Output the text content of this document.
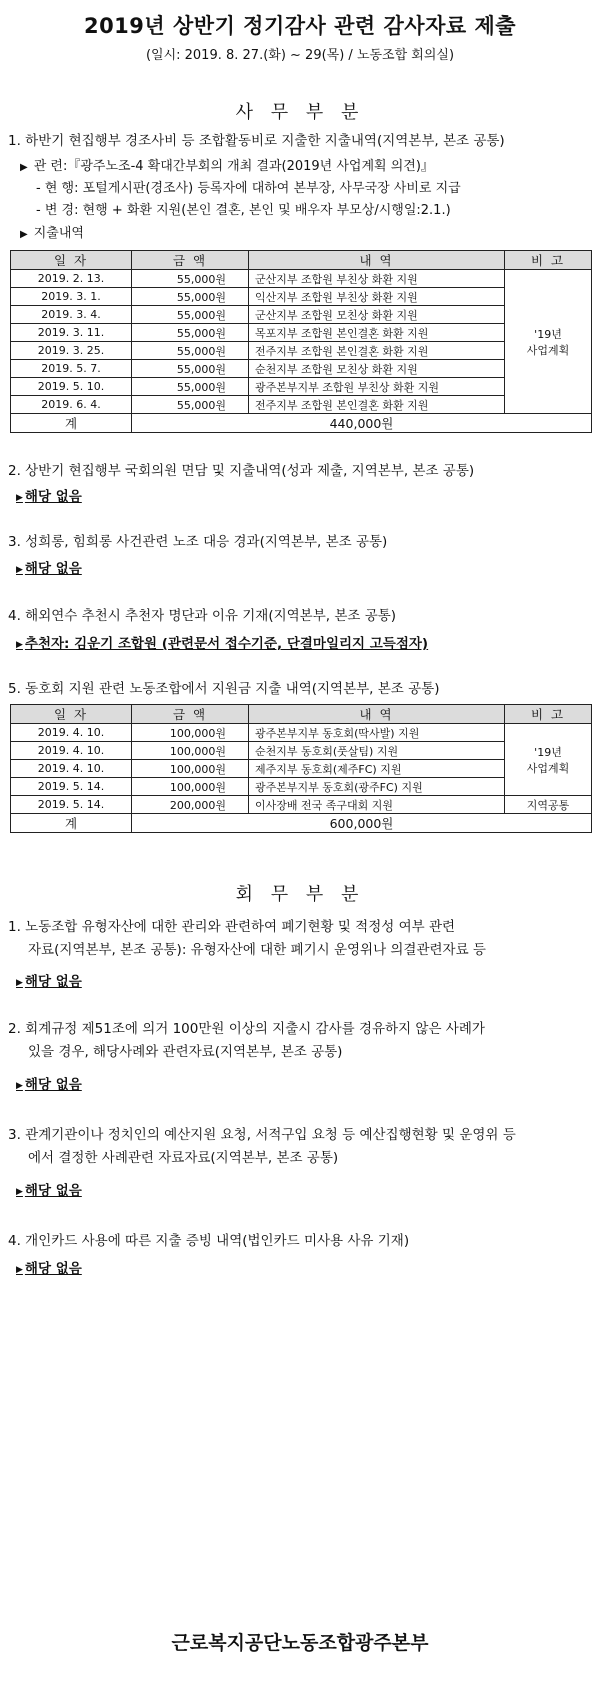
2019년 상반기 정기감사 관련 감사자료 제출
(일시: 2019. 8. 27.(화) ~ 29(목) / 노동조합 회의실)
사 무 부 분
1. 하반기 현집행부 경조사비 등 조합활동비로 지출한 지출내역(지역본부, 본조 공통)
▶ 관 련:『광주노조-4 확대간부회의 개최 결과(2019년 사업계획 의견)』
- 현 행: 포털게시판(경조사) 등록자에 대하여 본부장, 사무국장 사비로 지급
- 변 경: 현행 + 화환 지원(본인 결혼, 본인 및 배우자 부모상/시행일:2.1.)
▶ 지출내역
일 자	금 액	내 역	비 고
2019. 2. 13.	55,000원	군산지부 조합원 부친상 화환 지원	'19년
사업계획

2019. 3. 1.	55,000원	익산지부 조합원 부친상 화환 지원	
2019. 3. 4.	55,000원	군산지부 조합원 모친상 화환 지원	
2019. 3. 11.	55,000원	목포지부 조합원 본인결혼 화환 지원	
2019. 3. 25.	55,000원	전주지부 조합원 본인결혼 화환 지원	
2019. 5. 7.	55,000원	순천지부 조합원 모친상 화환 지원	
2019. 5. 10.	55,000원	광주본부지부 조합원 부친상 화환 지원	
2019. 6. 4.	55,000원	전주지부 조합원 본인결혼 화환 지원	
계	440,000원		
2. 상반기 현집행부 국회의원 면담 및 지출내역(성과 제출, 지역본부, 본조 공통)
▶ 해당 없음
3. 성희롱, 힘희롱 사건관련 노조 대응 경과(지역본부, 본조 공통)
▶ 해당 없음
4. 해외연수 추천시 추천자 명단과 이유 기재(지역본부, 본조 공통)
▶ 추천자: 김운기 조합원 (관련문서 접수기준, 단결마일리지 고득점자)
5. 동호회 지원 관련 노동조합에서 지원금 지출 내역(지역본부, 본조 공통)
일 자	금 액	내 역	비 고
2019. 4. 10.	100,000원	광주본부지부 동호회(딱사발) 지원	'19년
사업계획

2019. 4. 10.	100,000원	순천지부 동호회(풋살팀) 지원	
2019. 4. 10.	100,000원	제주지부 동호회(제주FC) 지원	
2019. 5. 14.	100,000원	광주본부지부 동호회(광주FC) 지원	
2019. 5. 14.	200,000원	이사장배 전국 족구대회 지원	지역공통
계	600,000원		
회 무 부 분
1. 노동조합 유형자산에 대한 관리와 관련하여 폐기현황 및 적정성 여부 관련
자료(지역본부, 본조 공통): 유형자산에 대한 폐기시 운영위나 의결관련자료 등
▶ 해당 없음
2. 회계규정 제51조에 의거 100만원 이상의 지출시 감사를 경유하지 않은 사례가
있을 경우, 해당사례와 관련자료(지역본부, 본조 공통)
▶ 해당 없음
3. 관계기관이나 정치인의 예산지원 요청, 서적구입 요청 등 예산집행현황 및 운영위 등
에서 결정한 사례관련 자료자료(지역본부, 본조 공통)
▶ 해당 없음
4. 개인카드 사용에 따른 지출 증빙 내역(법인카드 미사용 사유 기재)
▶ 해당 없음
근로복지공단노동조합광주본부
